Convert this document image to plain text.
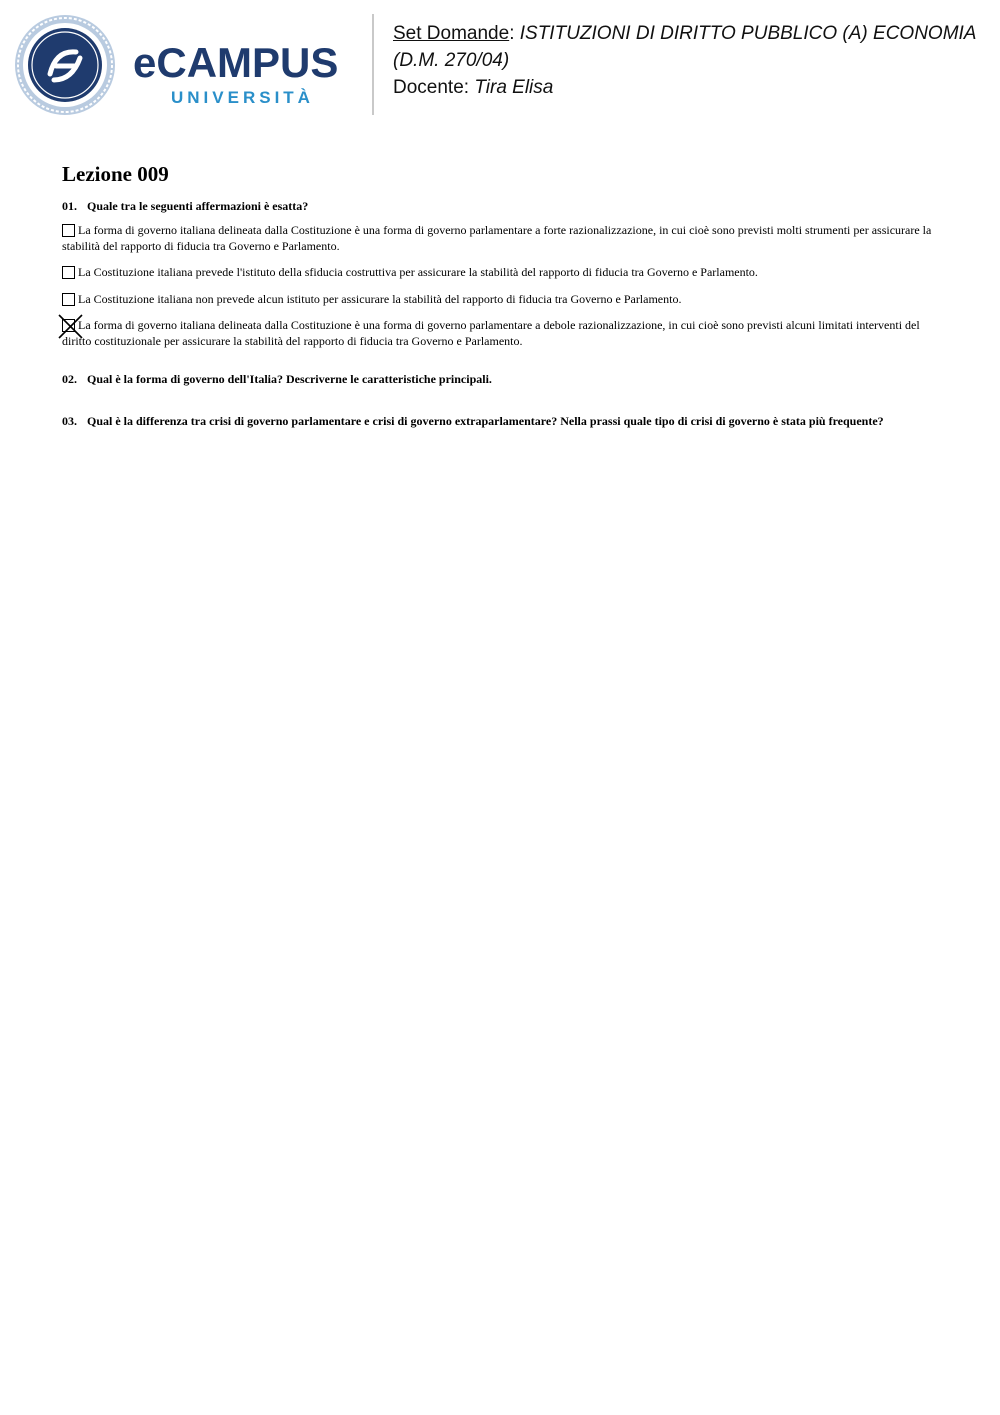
eCAMPUS
UNIVERSITÀ
Set Domande: ISTITUZIONI DI DIRITTO PUBBLICO (A) ECONOMIA (D.M. 270/04)
Docente: Tira Elisa
Lezione 009

01. Quale tra le seguenti affermazioni è esatta?

La forma di governo italiana delineata dalla Costituzione è una forma di governo parlamentare a forte razionalizzazione, in cui cioè sono previsti molti strumenti per assicurare la stabilità del rapporto di fiducia tra Governo e Parlamento.
La Costituzione italiana prevede l'istituto della sfiducia costruttiva per assicurare la stabilità del rapporto di fiducia tra Governo e Parlamento.
La Costituzione italiana non prevede alcun istituto per assicurare la stabilità del rapporto di fiducia tra Governo e Parlamento.
La forma di governo italiana delineata dalla Costituzione è una forma di governo parlamentare a debole razionalizzazione, in cui cioè sono previsti alcuni limitati interventi del diritto costituzionale per assicurare la stabilità del rapporto di fiducia tra Governo e Parlamento.

02. Qual è la forma di governo dell'Italia? Descriverne le caratteristiche principali.

03. Qual è la differenza tra crisi di governo parlamentare e crisi di governo extraparlamentare? Nella prassi quale tipo di crisi di governo è stata più frequente?
